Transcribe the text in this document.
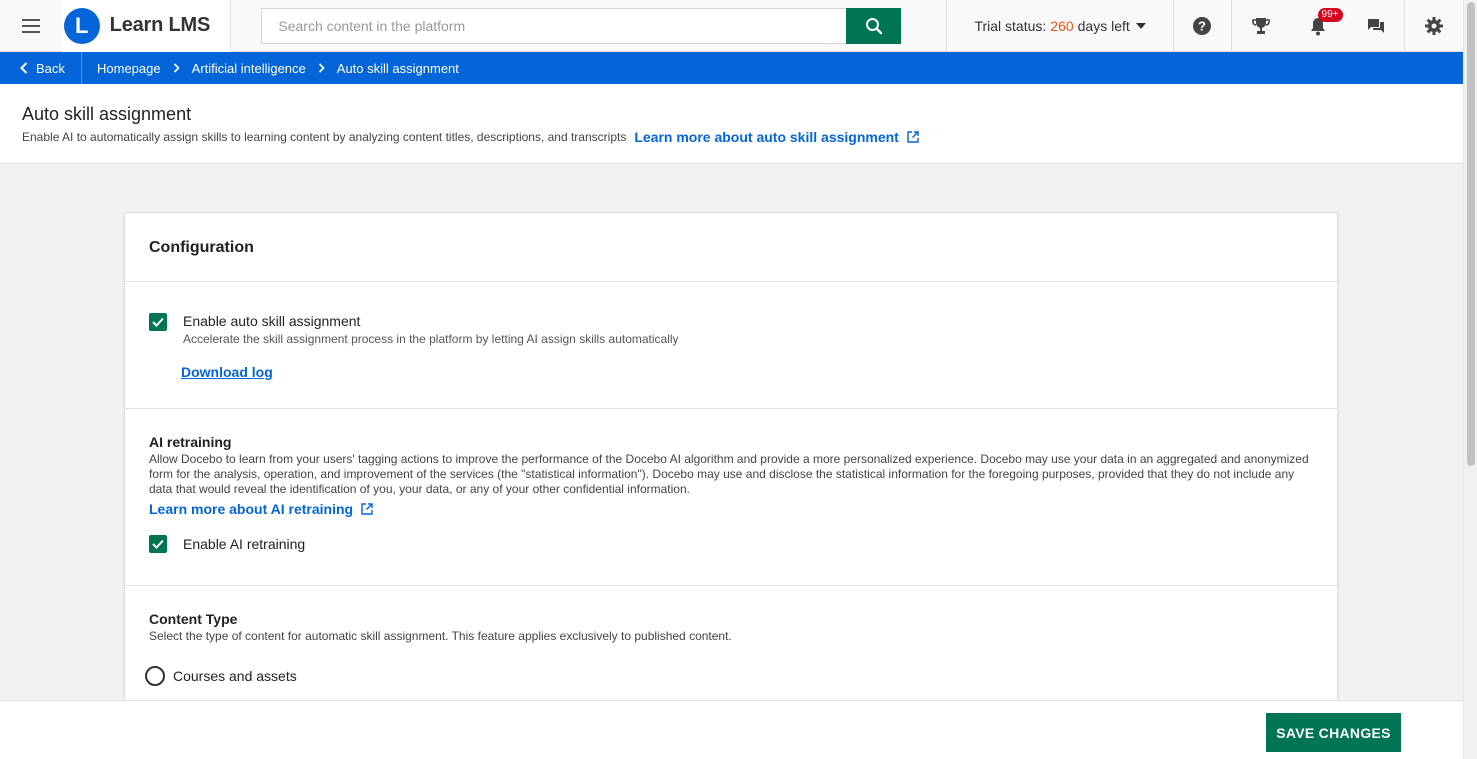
L	Learn LMS
Search content in the platform	Trial status: 260 days left	?
99+
Back Homepage Artificial intelligence Auto skill assignment
Auto skill assignment
Enable AI to automatically assign skills to learning content by analyzing content titles, descriptions, and transcripts Learn more about auto skill assignment
Configuration
Enable auto skill assignment
Accelerate the skill assignment process in the platform by letting AI assign skills automatically
Download log
AI retraining
Allow Docebo to learn from your users' tagging actions to improve the performance of the Docebo AI algorithm and provide a more personalized experience. Docebo may use your data in an aggregated and anonymized form for the analysis, operation, and improvement of the services (the "statistical information"). Docebo may use and disclose the statistical information for the foregoing purposes, provided that they do not include any data that would reveal the identification of you, your data, or any of your other confidential information.
Learn more about AI retraining
Enable AI retraining
Content Type
Select the type of content for automatic skill assignment. This feature applies exclusively to published content.
Courses and assets
SAVE CHANGES
